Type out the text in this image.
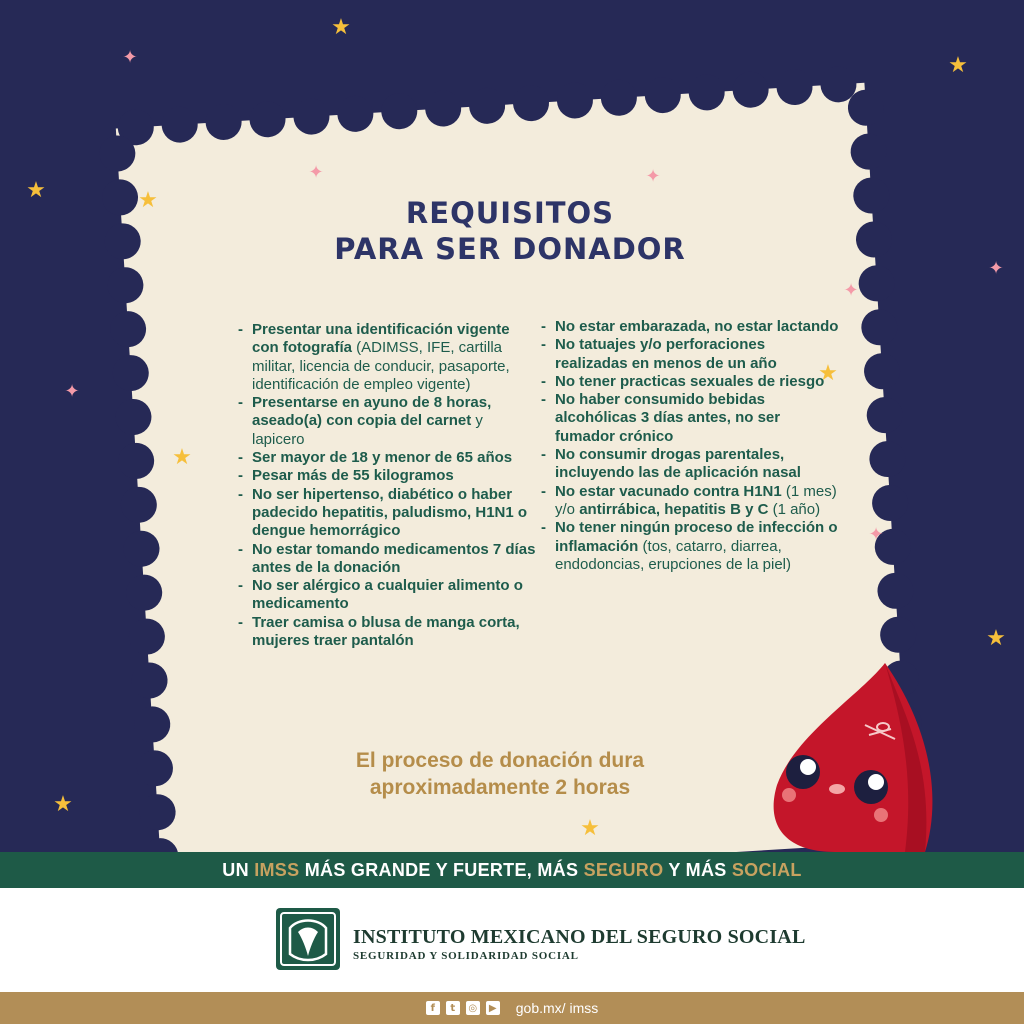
★
★
★	★
★
★
★
★
★
✦
✦
✦
✦
✦
✦
✦
REQUISITOS
PARA SER DONADOR
- Presentar una identificación vigente con fotografía (ADIMSS, IFE, cartilla militar, licencia de conducir, pasaporte, identificación de empleo vigente)
- Presentarse en ayuno de 8 horas, aseado(a) con copia del carnet y lapicero
- Ser mayor de 18 y menor de 65 años
- Pesar más de 55 kilogramos
- No ser hipertenso, diabético o haber padecido hepatitis, paludismo, H1N1 o dengue hemorrágico
- No estar tomando medicamentos 7 días antes de la donación
- No ser alérgico a cualquier alimento o medicamento
- Traer camisa o blusa de manga corta, mujeres traer pantalón
- No estar embarazada, no estar lactando
- No tatuajes y/o perforaciones realizadas en menos de un año
- No tener practicas sexuales de riesgo
- No haber consumido bebidas alcohólicas 3 días antes, no ser fumador crónico
- No consumir drogas parentales, incluyendo las de aplicación nasal
- No estar vacunado contra H1N1 (1 mes) y/o antirrábica, hepatitis B y C (1 año)
- No tener ningún proceso de infección o inflamación (tos, catarro, diarrea, endodoncias, erupciones de la piel)
El proceso de donación dura
aproximadamente 2 horas
UN IMSS MÁS GRANDE Y FUERTE, MÁS SEGURO Y MÁS SOCIAL
INSTITUTO MEXICANO DEL SEGURO SOCIAL
SEGURIDAD Y SOLIDARIDAD SOCIAL
f	t	◎	▶ gob.mx/ imss
